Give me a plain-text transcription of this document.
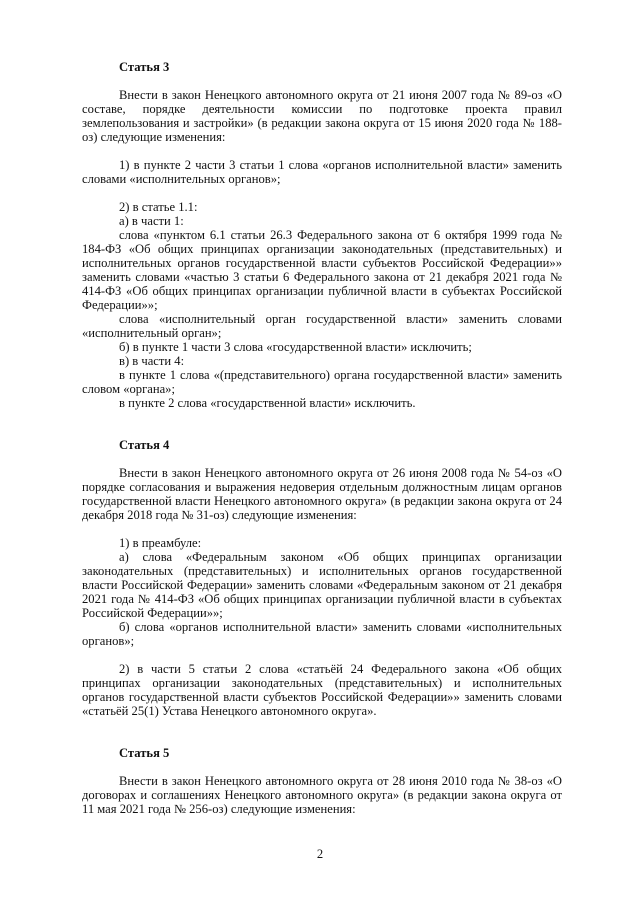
Статья 3

Внести в закон Ненецкого автономного округа от 21 июня 2007 года № 89-оз «О составе, порядке деятельности комиссии по подготовке проекта правил землепользования и застройки» (в редакции закона округа от 15 июня 2020 года № 188-оз) следующие изменения:

1) в пункте 2 части 3 статьи 1 слова «органов исполнительной власти» заменить словами «исполнительных органов»;

2) в статье 1.1:

а) в части 1:

слова «пунктом 6.1 статьи 26.3 Федерального закона от 6 октября 1999 года № 184-ФЗ «Об общих принципах организации законодательных (представительных) и исполнительных органов государственной власти субъектов Российской Федерации»» заменить словами «частью 3 статьи 6 Федерального закона от 21 декабря 2021 года № 414-ФЗ «Об общих принципах организации публичной власти в субъектах Российской Федерации»»;

слова «исполнительный орган государственной власти» заменить словами «исполнительный орган»;

б) в пункте 1 части 3 слова «государственной власти» исключить;

в) в части 4:

в пункте 1 слова «(представительного) органа государственной власти» заменить словом «органа»;

в пункте 2 слова «государственной власти» исключить.

Статья 4

Внести в закон Ненецкого автономного округа от 26 июня 2008 года № 54-оз «О порядке согласования и выражения недоверия отдельным должностным лицам органов государственной власти Ненецкого автономного округа» (в редакции закона округа от 24 декабря 2018 года № 31-оз) следующие изменения:

1) в преамбуле:

а) слова «Федеральным законом «Об общих принципах организации законодательных (представительных) и исполнительных органов государственной власти Российской Федерации» заменить словами «Федеральным законом от 21 декабря 2021 года № 414-ФЗ «Об общих принципах организации публичной власти в субъектах Российской Федерации»»;

б) слова «органов исполнительной власти» заменить словами «исполнительных органов»;

2) в части 5 статьи 2 слова «статьёй 24 Федерального закона «Об общих принципах организации законодательных (представительных) и исполнительных органов государственной власти субъектов Российской Федерации»» заменить словами «статьёй 25(1) Устава Ненецкого автономного округа».

Статья 5

Внести в закон Ненецкого автономного округа от 28 июня 2010 года № 38-оз «О договорах и соглашениях Ненецкого автономного округа» (в редакции закона округа от 11 мая 2021 года № 256-оз) следующие изменения:

2
